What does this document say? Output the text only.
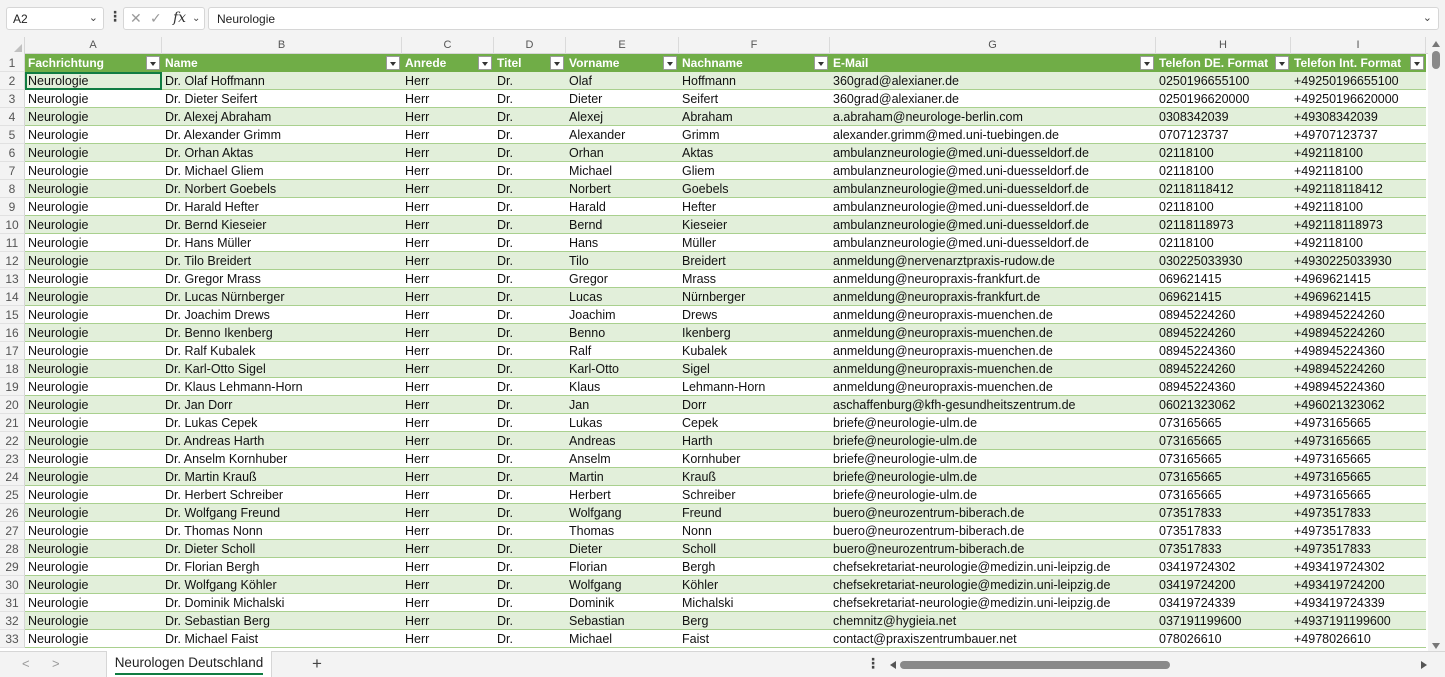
A2	⌄ ⋮ ✕ ✓ fx ⌄	Neurologie	⌄
A	B	C	D	E	F	G	H	I
1	Fachrichtung	Name	Anrede	Titel	Vorname	Nachname	E-Mail	Telefon DE. Format	Telefon Int. Format
2	Neurologie	Dr. Olaf Hoffmann	Herr	Dr.	Olaf	Hoffmann	360grad@alexianer.de	0250196655100	+49250196655100
3	Neurologie	Dr. Dieter Seifert	Herr	Dr.	Dieter	Seifert	360grad@alexianer.de	0250196620000	+49250196620000
4	Neurologie	Dr. Alexej Abraham	Herr	Dr.	Alexej	Abraham	a.abraham@neurologe-berlin.com	0308342039	+49308342039
5	Neurologie	Dr. Alexander Grimm	Herr	Dr.	Alexander	Grimm	alexander.grimm@med.uni-tuebingen.de	0707123737	+49707123737
6	Neurologie	Dr. Orhan Aktas	Herr	Dr.	Orhan	Aktas	ambulanzneurologie@med.uni-duesseldorf.de	02118100	+492118100
7	Neurologie	Dr. Michael Gliem	Herr	Dr.	Michael	Gliem	ambulanzneurologie@med.uni-duesseldorf.de	02118100	+492118100
8	Neurologie	Dr. Norbert Goebels	Herr	Dr.	Norbert	Goebels	ambulanzneurologie@med.uni-duesseldorf.de	02118118412	+492118118412
9	Neurologie	Dr. Harald Hefter	Herr	Dr.	Harald	Hefter	ambulanzneurologie@med.uni-duesseldorf.de	02118100	+492118100
10 Neurologie	Dr. Bernd Kieseier	Herr	Dr.	Bernd	Kieseier	ambulanzneurologie@med.uni-duesseldorf.de	02118118973	+492118118973
11 Neurologie	Dr. Hans Müller	Herr	Dr.	Hans	Müller	ambulanzneurologie@med.uni-duesseldorf.de	02118100	+492118100
12 Neurologie	Dr. Tilo Breidert	Herr	Dr.	Tilo	Breidert	anmeldung@nervenarztpraxis-rudow.de	030225033930	+4930225033930
13 Neurologie	Dr. Gregor Mrass	Herr	Dr.	Gregor	Mrass	anmeldung@neuropraxis-frankfurt.de	069621415	+4969621415
14 Neurologie	Dr. Lucas Nürnberger	Herr	Dr.	Lucas	Nürnberger	anmeldung@neuropraxis-frankfurt.de	069621415	+4969621415
15 Neurologie	Dr. Joachim Drews	Herr	Dr.	Joachim	Drews	anmeldung@neuropraxis-muenchen.de	08945224260	+498945224260
16 Neurologie	Dr. Benno Ikenberg	Herr	Dr.	Benno	Ikenberg	anmeldung@neuropraxis-muenchen.de	08945224260	+498945224260
17 Neurologie	Dr. Ralf Kubalek	Herr	Dr.	Ralf	Kubalek	anmeldung@neuropraxis-muenchen.de	08945224360	+498945224360
18 Neurologie	Dr. Karl-Otto Sigel	Herr	Dr.	Karl-Otto	Sigel	anmeldung@neuropraxis-muenchen.de	08945224260	+498945224260
19 Neurologie	Dr. Klaus Lehmann-Horn	Herr	Dr.	Klaus	Lehmann-Horn	anmeldung@neuropraxis-muenchen.de	08945224360	+498945224360
20 Neurologie	Dr. Jan Dorr	Herr	Dr.	Jan	Dorr	aschaffenburg@kfh-gesundheitszentrum.de	06021323062	+496021323062
21 Neurologie	Dr. Lukas Cepek	Herr	Dr.	Lukas	Cepek	briefe@neurologie-ulm.de	073165665	+4973165665
22 Neurologie	Dr. Andreas Harth	Herr	Dr.	Andreas	Harth	briefe@neurologie-ulm.de	073165665	+4973165665
23 Neurologie	Dr. Anselm Kornhuber	Herr	Dr.	Anselm	Kornhuber	briefe@neurologie-ulm.de	073165665	+4973165665
24 Neurologie	Dr. Martin Krauß	Herr	Dr.	Martin	Krauß	briefe@neurologie-ulm.de	073165665	+4973165665
25 Neurologie	Dr. Herbert Schreiber	Herr	Dr.	Herbert	Schreiber	briefe@neurologie-ulm.de	073165665	+4973165665
26 Neurologie	Dr. Wolfgang Freund	Herr	Dr.	Wolfgang	Freund	buero@neurozentrum-biberach.de	073517833	+4973517833
27 Neurologie	Dr. Thomas Nonn	Herr	Dr.	Thomas	Nonn	buero@neurozentrum-biberach.de	073517833	+4973517833
28 Neurologie	Dr. Dieter Scholl	Herr	Dr.	Dieter	Scholl	buero@neurozentrum-biberach.de	073517833	+4973517833
29 Neurologie	Dr. Florian Bergh	Herr	Dr.	Florian	Bergh	chefsekretariat-neurologie@medizin.uni-leipzig.de	03419724302	+493419724302
30 Neurologie	Dr. Wolfgang Köhler	Herr	Dr.	Wolfgang	Köhler	chefsekretariat-neurologie@medizin.uni-leipzig.de	03419724200	+493419724200
31 Neurologie	Dr. Dominik Michalski	Herr	Dr.	Dominik	Michalski	chefsekretariat-neurologie@medizin.uni-leipzig.de	03419724339	+493419724339
32 Neurologie	Dr. Sebastian Berg	Herr	Dr.	Sebastian	Berg	chemnitz@hygieia.net	037191199600	+4937191199600
33 Neurologie	Dr. Michael Faist	Herr	Dr.	Michael	Faist	contact@praxiszentrumbauer.net	078026610	+4978026610
< >	Neurologen Deutschland	+	⋮
